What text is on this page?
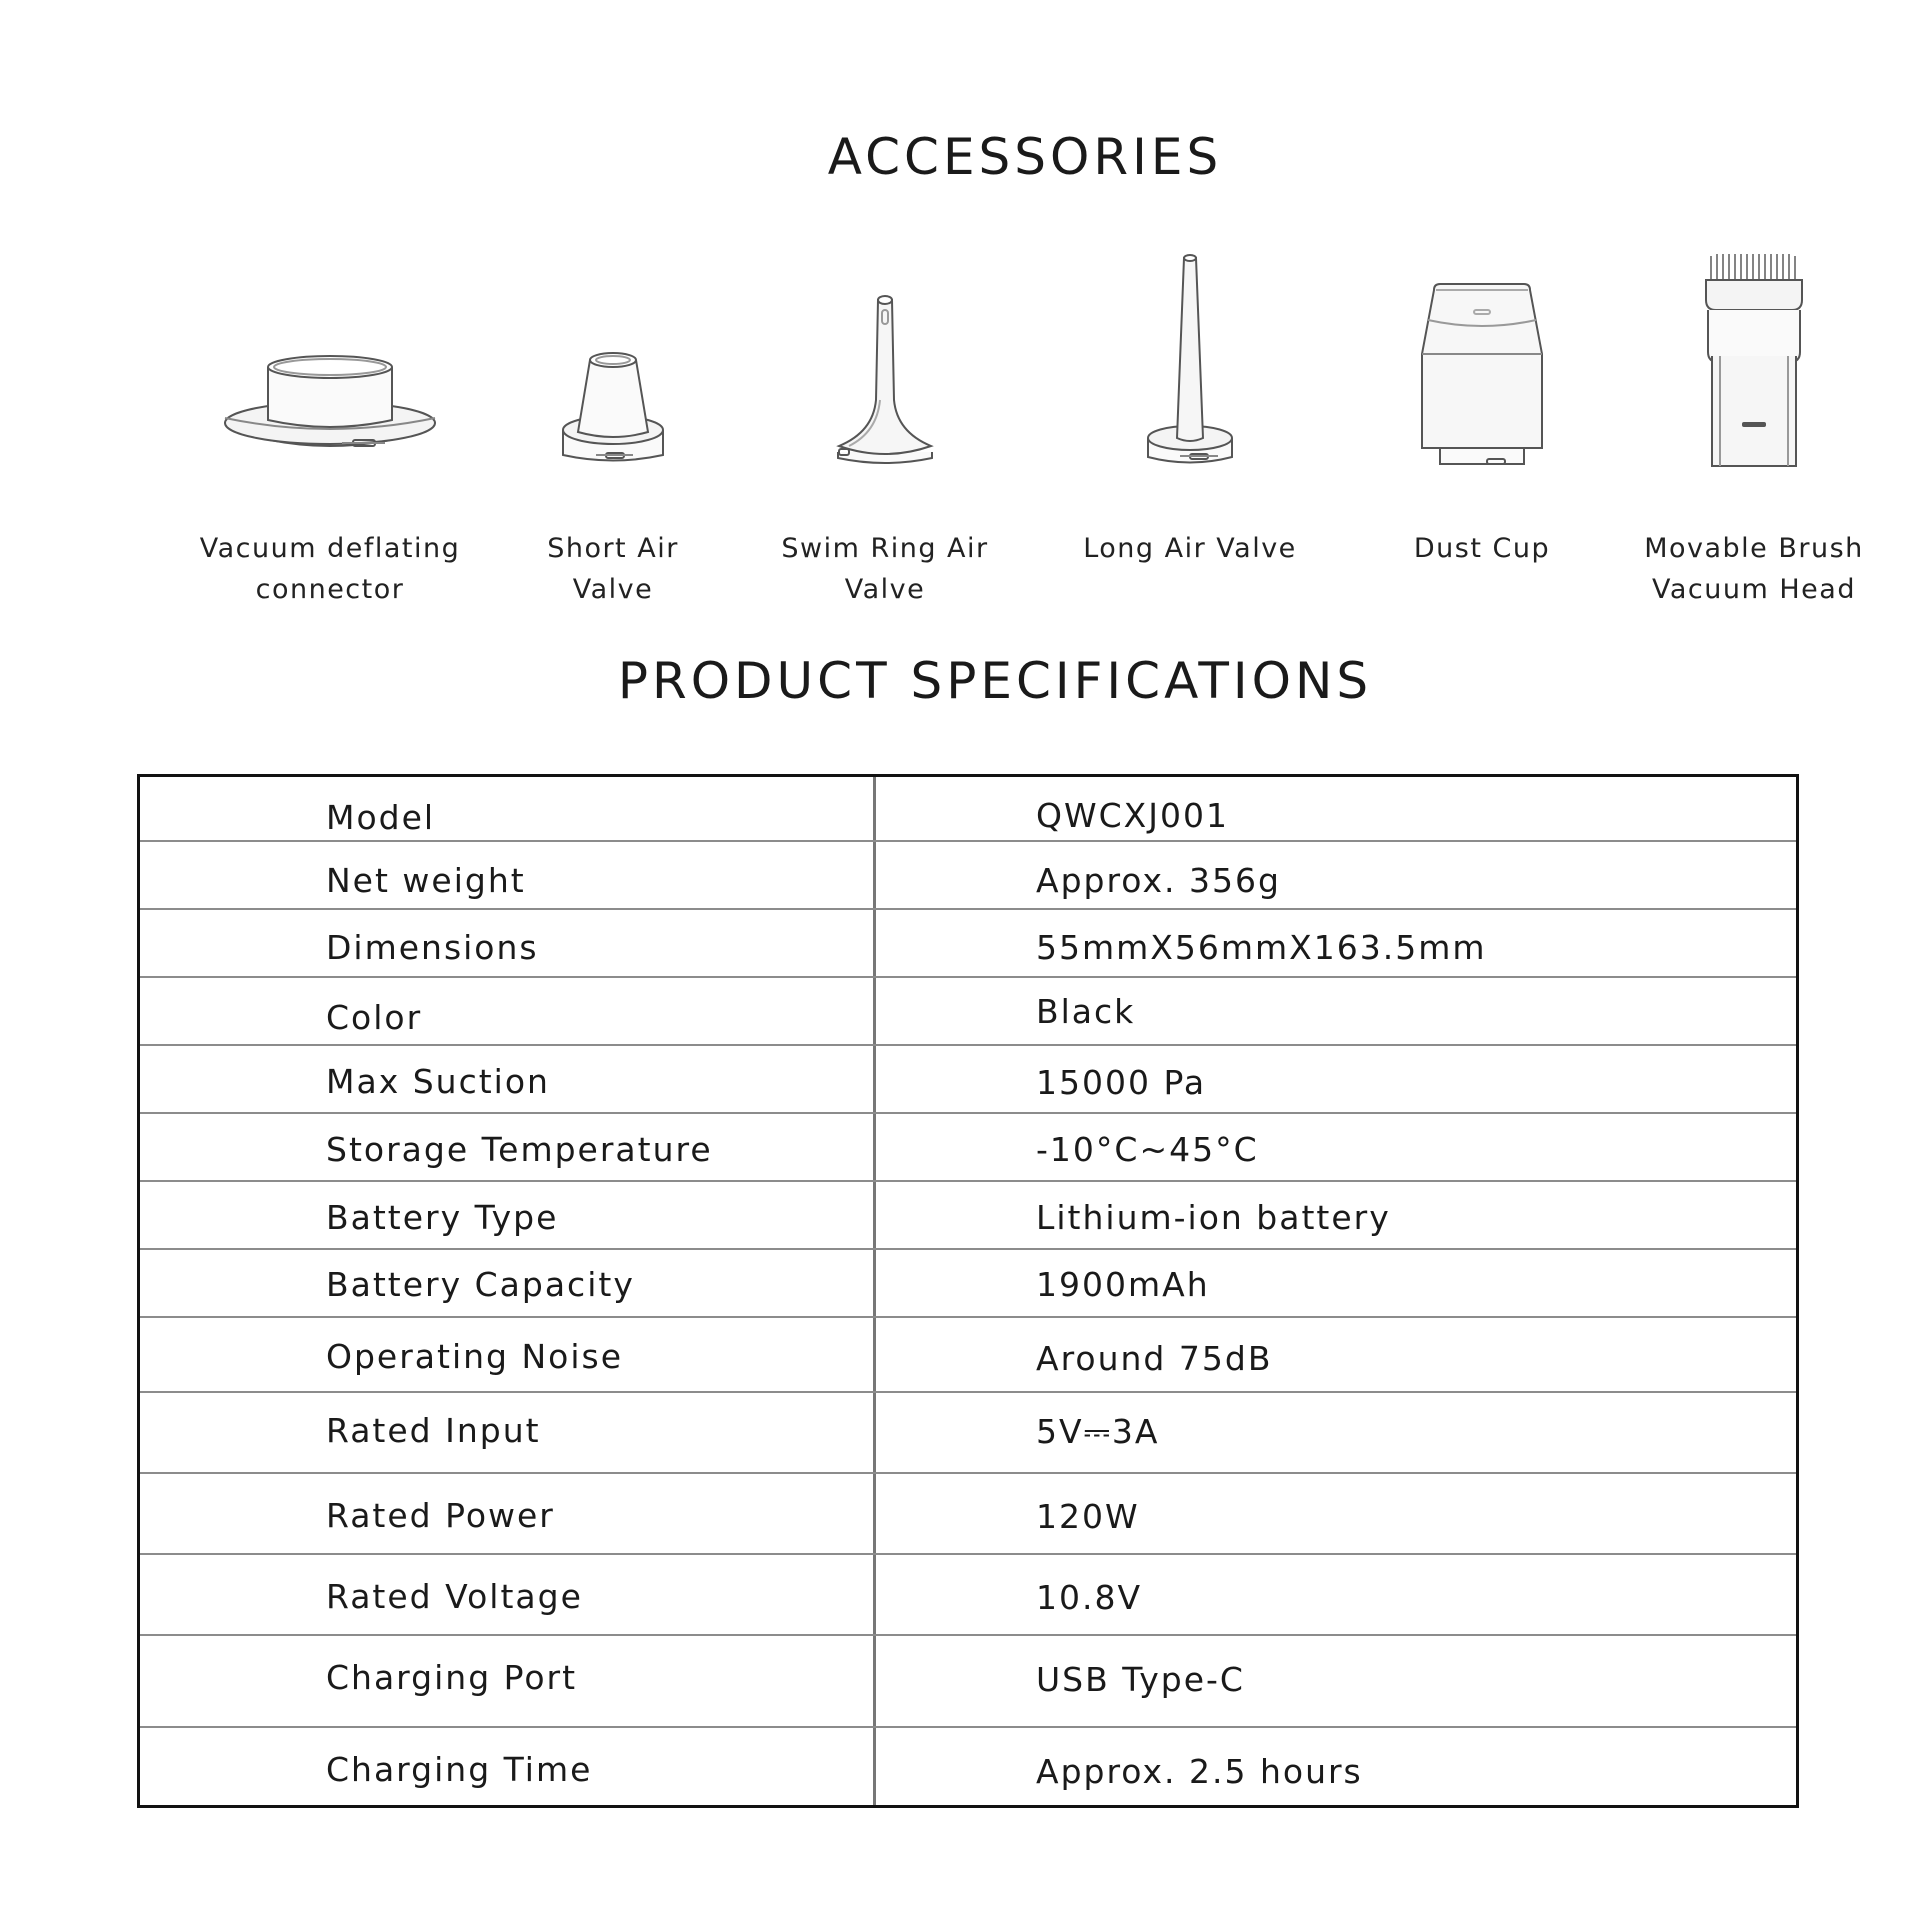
ACCESSORIES
Vacuum deflating
connector
Short Air
Valve
Swim Ring Air
Valve
Long Air Valve	Dust Cup	Movable Brush
Vacuum Head
PRODUCT SPECIFICATIONS
Model	QWCXJ001
Net weight	Approx. 356g
Dimensions	55mmX56mmX163.5mm
Color	Black
Max Suction	15000 Pa
Storage Temperature	-10°C~45°C
Battery Type	Lithium-ion battery
Battery Capacity	1900mAh
Operating Noise	Around 75dB
Rated Input	5V⎓3A
Rated Power	120W
Rated Voltage	10.8V
Charging Port	USB Type-C
Charging Time	Approx. 2.5 hours
